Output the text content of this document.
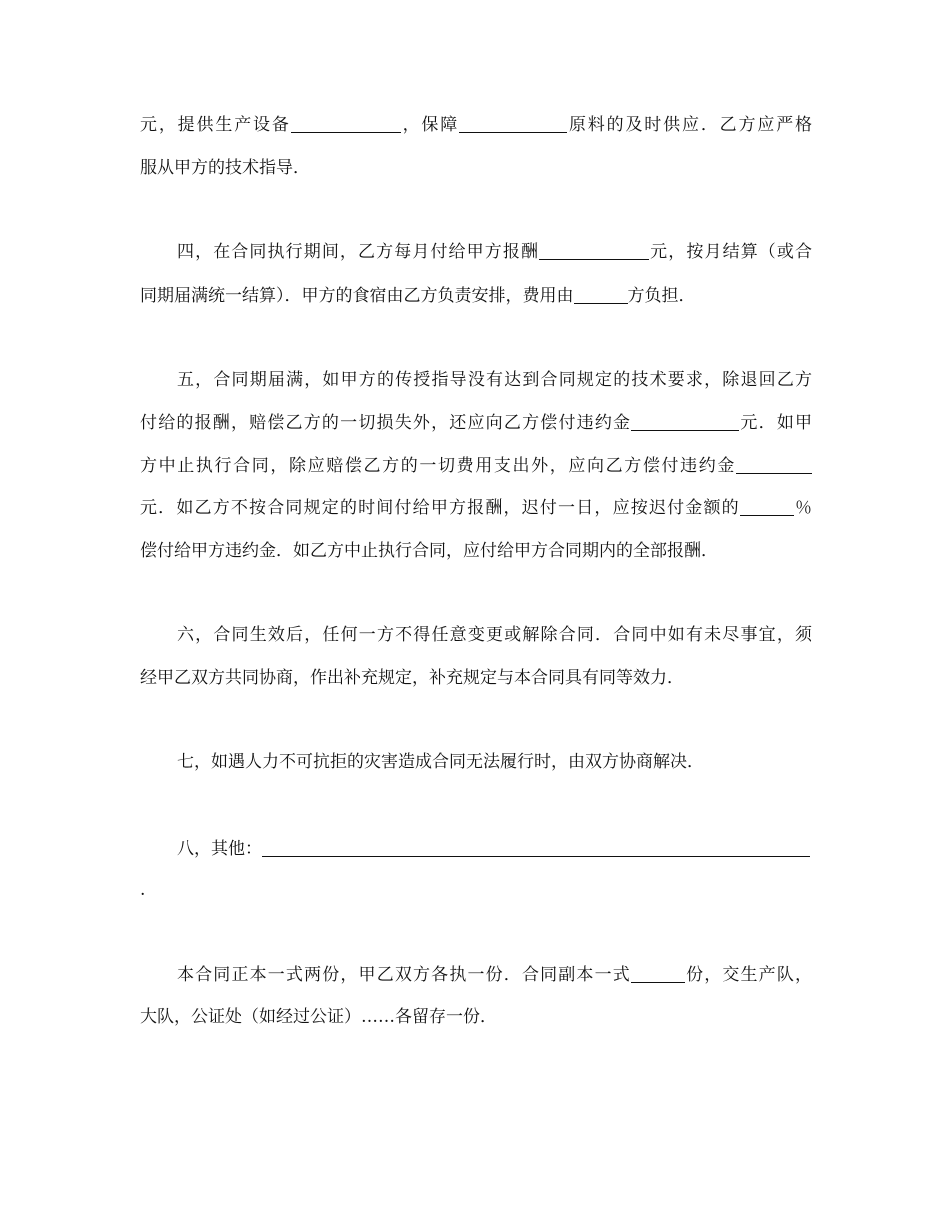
元，提供生产设备	，保障	原料的及时供应．乙方应严格
服从甲方的技术指导．
四，在合同执行期间，乙方每月付给甲方报酬	元，按月结算（或合
同期届满统一结算）．甲方的食宿由乙方负责安排，费用由	方负担．
五，合同期届满，如甲方的传授指导没有达到合同规定的技术要求，除退回乙方
付给的报酬，赔偿乙方的一切损失外，还应向乙方偿付违约金	元．如甲
方中止执行合同，除应赔偿乙方的一切费用支出外，应向乙方偿付违约金
元．如乙方不按合同规定的时间付给甲方报酬，迟付一日，应按迟付金额的	％
偿付给甲方违约金．如乙方中止执行合同，应付给甲方合同期内的全部报酬．
六，合同生效后，任何一方不得任意变更或解除合同．合同中如有未尽事宜，须
经甲乙双方共同协商，作出补充规定，补充规定与本合同具有同等效力．
七，如遇人力不可抗拒的灾害造成合同无法履行时，由双方协商解决．
八，其他：
.
本合同正本一式两份，甲乙双方各执一份．合同副本一式	份，交生产队，
大队，公证处（如经过公证）……各留存一份．
